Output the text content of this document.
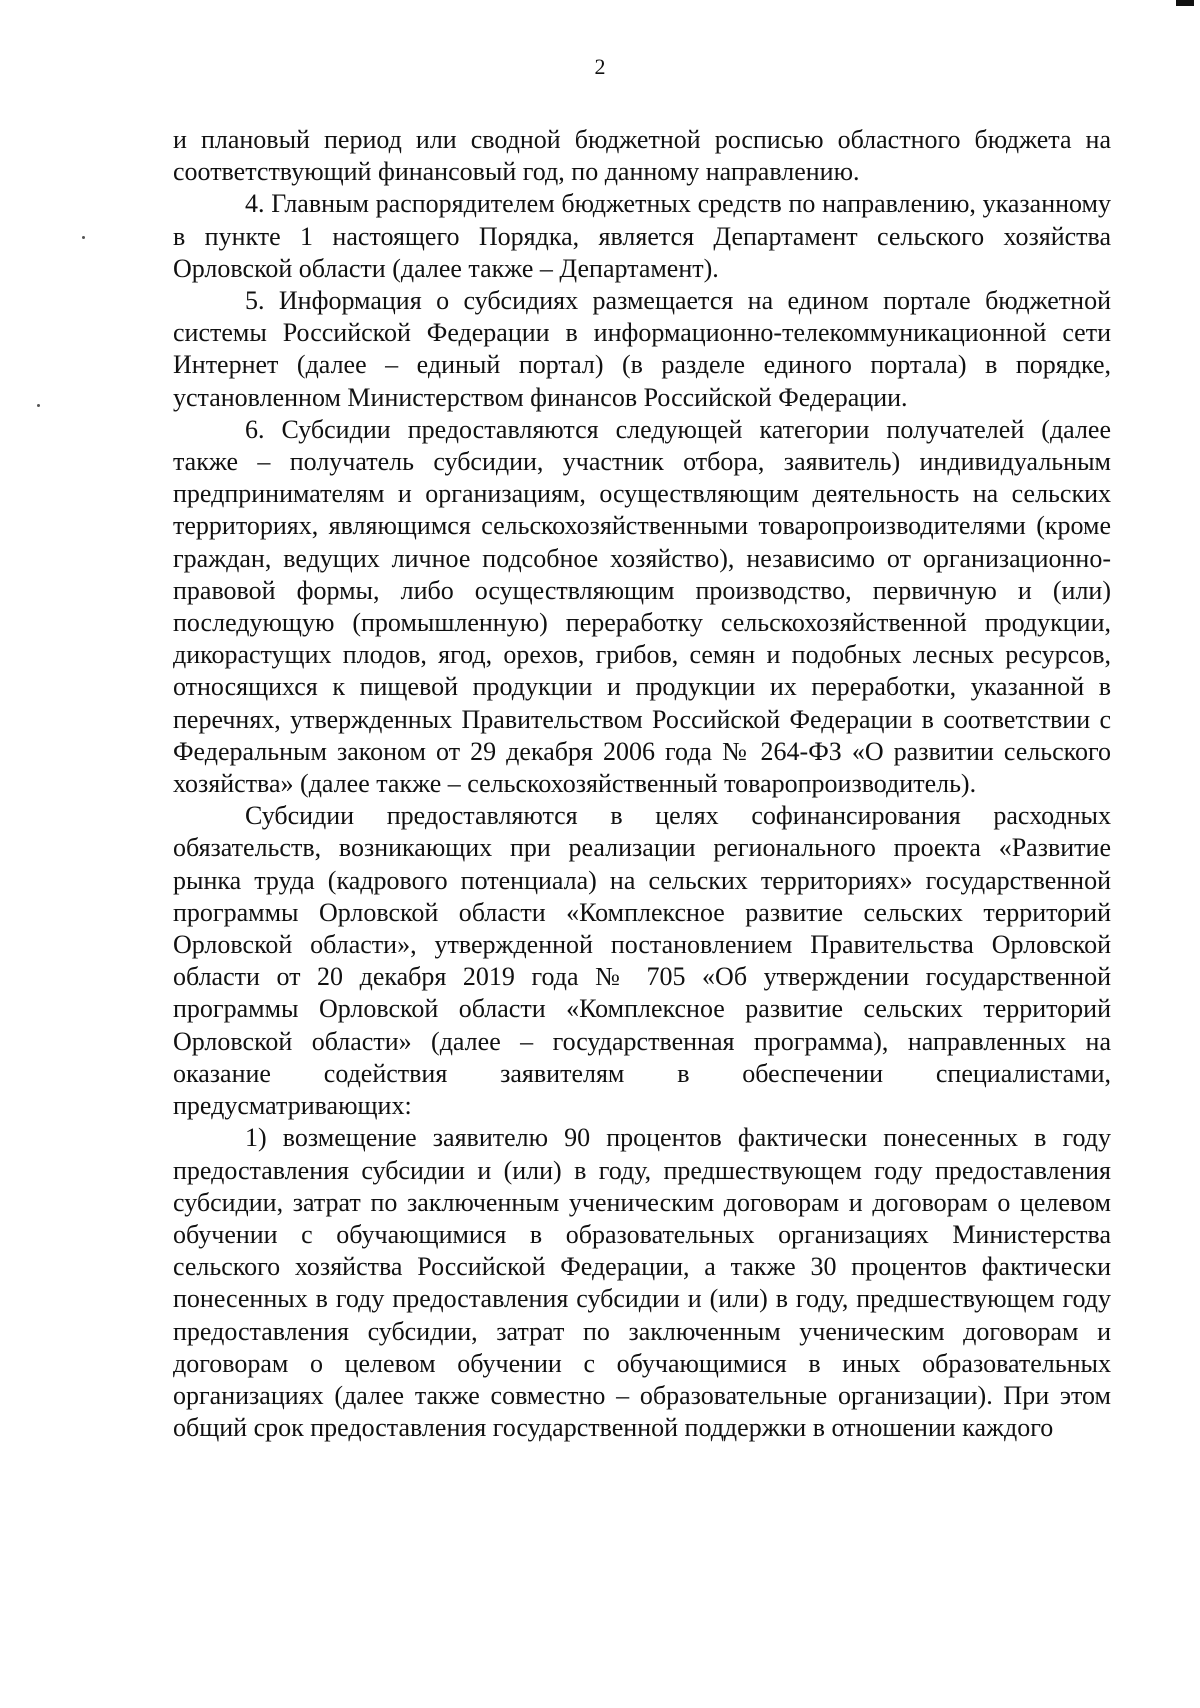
2

и плановый период или сводной бюджетной росписью областного бюджета на соответствующий финансовый год, по данному направлению.

4. Главным распорядителем бюджетных средств по направлению, указанному в пункте 1 настоящего Порядка, является Департамент сельского хозяйства Орловской области (далее также – Департамент).

5. Информация о субсидиях размещается на едином портале бюджетной системы Российской Федерации в информационно-телекоммуникационной сети Интернет (далее – единый портал) (в разделе единого портала) в порядке, установленном Министерством финансов Российской Федерации.

6. Субсидии предоставляются следующей категории получателей (далее также – получатель субсидии, участник отбора, заявитель) индивидуальным предпринимателям и организациям, осуществляющим деятельность на сельских территориях, являющимся сельскохозяйственными товаропроизводителями (кроме граждан, ведущих личное подсобное хозяйство), независимо от организационно-правовой формы, либо осуществляющим производство, первичную и (или) последующую (промышленную) переработку сельскохозяйственной продукции, дикорастущих плодов, ягод, орехов, грибов, семян и подобных лесных ресурсов, относящихся к пищевой продукции и продукции их переработки, указанной в перечнях, утвержденных Правительством Российской Федерации в соответствии с Федеральным законом от 29 декабря 2006 года № 264-ФЗ «О развитии сельского хозяйства» (далее также – сельскохозяйственный товаропроизводитель).

Субсидии предоставляются в целях софинансирования расходных обязательств, возникающих при реализации регионального проекта «Развитие рынка труда (кадрового потенциала) на сельских территориях» государственной программы Орловской области «Комплексное развитие сельских территорий Орловской области», утвержденной постановлением Правительства Орловской области от 20 декабря 2019 года № 705 «Об утверждении государственной программы Орловской области «Комплексное развитие сельских территорий Орловской области» (далее – государственная программа), направленных на оказание содействия заявителям в обеспечении специалистами, предусматривающих:

1) возмещение заявителю 90 процентов фактически понесенных в году предоставления субсидии и (или) в году, предшествующем году предоставления субсидии, затрат по заключенным ученическим договорам и договорам о целевом обучении с обучающимися в образовательных организациях Министерства сельского хозяйства Российской Федерации, а также 30 процентов фактически понесенных в году предоставления субсидии и (или) в году, предшествующем году предоставления субсидии, затрат по заключенным ученическим договорам и договорам о целевом обучении с обучающимися в иных образовательных организациях (далее также совместно – образовательные организации). При этом общий срок предоставления государственной поддержки в отношении каждого
